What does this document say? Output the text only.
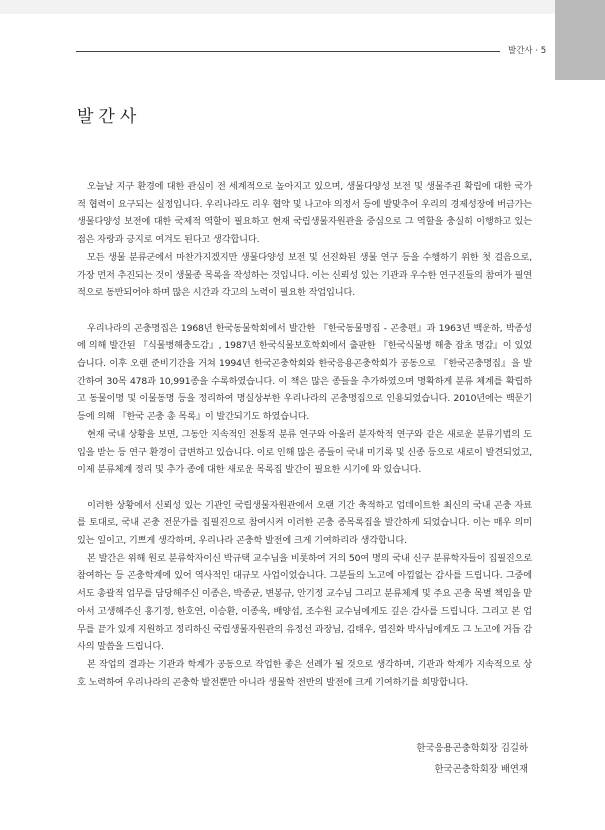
발간사 · 5
발간사

오늘날 지구 환경에 대한 관심이 전 세계적으로 높아지고 있으며, 생물다양성 보전 및 생물주권 확립에 대한 국가적 협력이 요구되는 실정입니다. 우리나라도 리우 협약 및 나고야 의정서 등에 발맞추어 우리의 경제성장에 버금가는 생물다양성 보전에 대한 국제적 역할이 필요하고 현재 국립생물자원관을 중심으로 그 역할을 충실히 이행하고 있는 점은 자랑과 긍지로 여겨도 된다고 생각합니다.

모든 생물 분류군에서 마찬가지겠지만 생물다양성 보전 및 선진화된 생물 연구 등을 수행하기 위한 첫 걸음으로, 가장 먼저 추진되는 것이 생물종 목록을 작성하는 것입니다. 이는 신뢰성 있는 기관과 우수한 연구진들의 참여가 필연적으로 동반되어야 하며 많은 시간과 각고의 노력이 필요한 작업입니다.

우리나라의 곤충명집은 1968년 한국동물학회에서 발간한 『한국동물명집 - 곤충편』과 1963년 백운하, 박종성에 의해 발간된 『식물병해충도감』, 1987년 한국식물보호학회에서 출판한 『한국식물병 해충 잡초 명감』이 있었습니다. 이후 오랜 준비기간을 거쳐 1994년 한국곤충학회와 한국응용곤충학회가 공동으로 『한국곤충명집』을 발간하여 30목 478과 10,991종을 수록하였습니다. 이 책은 많은 종들을 추가하였으며 명확하게 분류 체계를 확립하고 동물이명 및 이물동명 등을 정리하여 명실상부한 우리나라의 곤충명집으로 인용되었습니다. 2010년에는 백문기 등에 의해 『한국 곤충 총 목록』이 발간되기도 하였습니다.

현재 국내 상황을 보면, 그동안 지속적인 전통적 분류 연구와 아울러 분자학적 연구와 같은 새로운 분류기법의 도입을 받는 등 연구 환경이 급변하고 있습니다. 이로 인해 많은 종들이 국내 미기록 및 신종 등으로 새로이 발견되었고, 이제 분류체계 정리 및 추가 종에 대한 새로운 목록집 발간이 필요한 시기에 와 있습니다.

이러한 상황에서 신뢰성 있는 기관인 국립생물자원관에서 오랜 기간 축적하고 업데이트한 최신의 국내 곤충 자료를 토대로, 국내 곤충 전문가를 집필진으로 참여시켜 이러한 곤충 종목록집을 발간하게 되었습니다. 이는 매우 의미 있는 일이고, 기쁘게 생각하며, 우리나라 곤충학 발전에 크게 기여하리라 생각합니다.

본 발간은 위해 원로 분류학자이신 박규택 교수님을 비롯하여 거의 50여 명의 국내 신구 분류학자들이 집필진으로 참여하는 등 곤충학계에 있어 역사적인 대규모 사업이었습니다. 그분들의 노고에 아낌없는 감사를 드립니다. 그중에서도 총괄적 업무를 담당해주신 이종은, 박종균, 변봉규, 안기정 교수님 그리고 분류체계 및 주요 곤충 목별 책임을 맡아서 고생해주신 홍기정, 한호연, 이승환, 이종욱, 배양섭, 조수원 교수님에게도 깊은 감사를 드립니다. 그리고 본 업무를 끝가 있게 지원하고 정리하신 국립생물자원관의 유정선 과장님, 김태우, 염진화 박사님에게도 그 노고에 거듭 감사의 말씀을 드립니다.

본 작업의 결과는 기관과 학계가 공동으로 작업한 좋은 선례가 될 것으로 생각하며, 기관과 학계가 지속적으로 상호 노력하여 우리나라의 곤충학 발전뿐만 아니라 생물학 전반의 발전에 크게 기여하기를 희망합니다.

한국응용곤충학회장 김길하
한국곤충학회장 배연재
